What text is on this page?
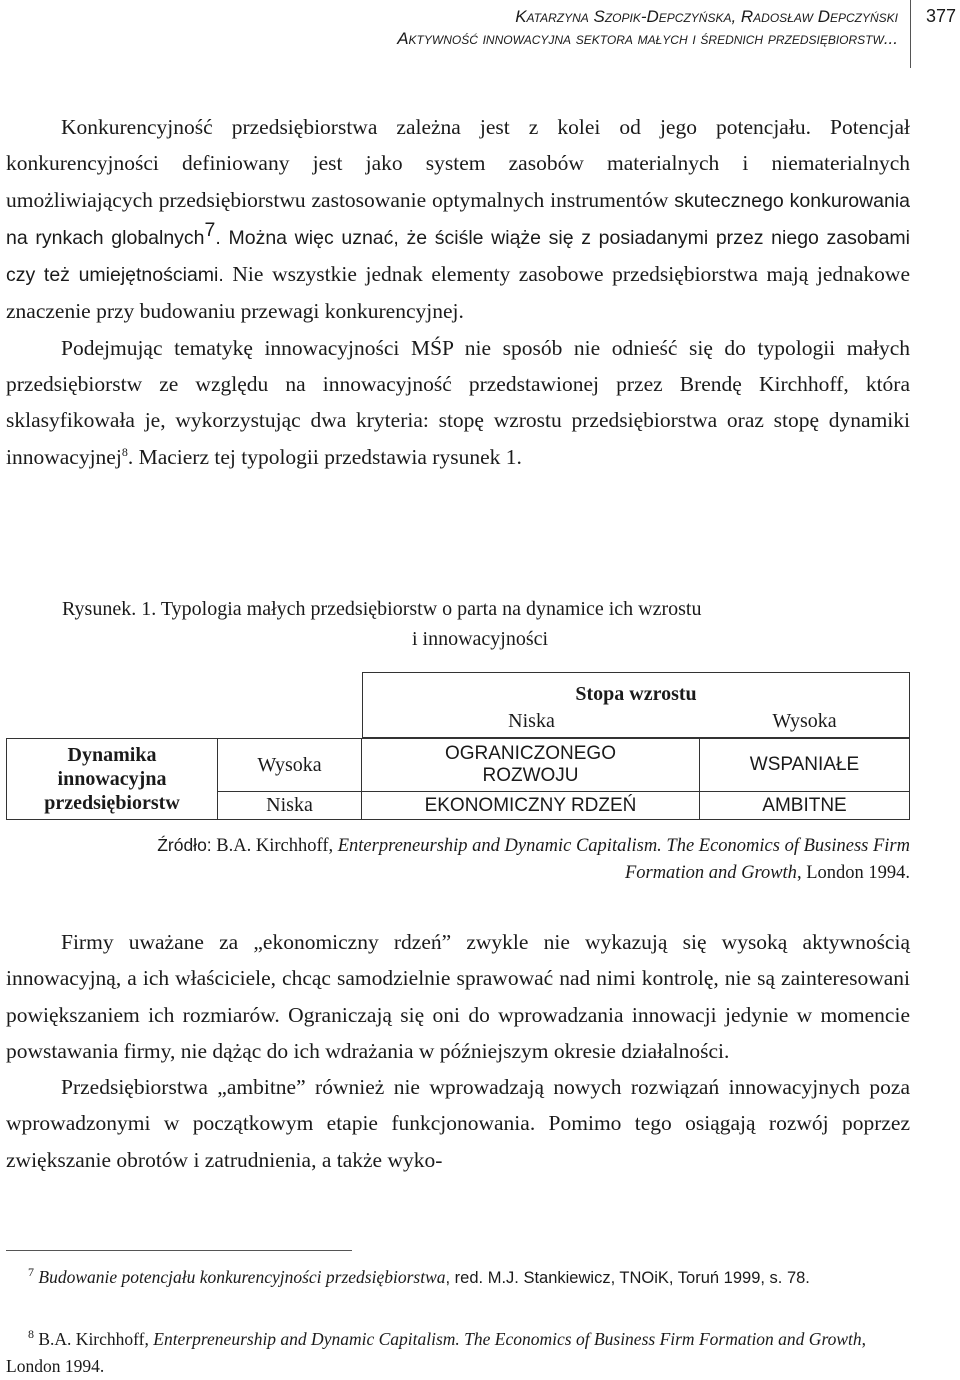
Katarzyna Szopik-Depczyńska, Radosław Depczyński
Aktywność innowacyjna sektora małych i średnich przedsiębiorstw...
377

Konkurencyjność przedsiębiorstwa zależna jest z kolei od jego potencjału. Potencjał konkurencyjności definiowany jest jako system zasobów materialnych i niematerialnych umożliwiających przedsiębiorstwu zastosowanie optymalnych instrumentów skutecznego konkurowania na rynkach globalnych$^7$. Można więc uznać, że ściśle wiąże się z posiadanymi przez niego zasobami czy też umiejętnościami. Nie wszystkie jednak elementy zasobowe przedsiębiorstwa mają jednakowe znaczenie przy budowaniu przewagi konkurencyjnej.

Podejmując tematykę innowacyjności MŚP nie sposób nie odnieść się do typologii małych przedsiębiorstw ze względu na innowacyjność przedstawionej przez Brendę Kirchhoff, która sklasyfikowała je, wykorzystując dwa kryteria: stopę wzrostu przedsiębiorstwa oraz stopę dynamiki innowacyjnej$^8$. Macierz tej typologii przedstawia rysunek 1.

Rysunek. 1. Typologia małych przedsiębiorstw o parta na dynamice ich wzrostu
i innowacyjności
Stopa wzrostu
Niska	Wysoka
Dynamika innowacyjna przedsiębiorstw
Wysoka
Niska
OGRANICZONEGO ROZWOJU
WSPANIAŁE
EKONOMICZNY RDZEŃ	AMBITNE
Źródło: B.A. Kirchhoff, Enterpreneurship and Dynamic Capitalism. The Economics of Business Firm Formation and Growth, London 1994.

Firmy uważane za „ekonomiczny rdzeń” zwykle nie wykazują się wysoką aktywnością innowacyjną, a ich właściciele, chcąc samodzielnie sprawować nad nimi kontrolę, nie są zainteresowani powiększaniem ich rozmiarów. Ograniczają się oni do wprowadzania innowacji jedynie w momencie powstawania firmy, nie dążąc do ich wdrażania w późniejszym okresie działalności.

Przedsiębiorstwa „ambitne” również nie wprowadzają nowych rozwiązań innowacyjnych poza wprowadzonymi w początkowym etapie funkcjonowania. Pomimo tego osiągają rozwój poprzez zwiększanie obrotów i zatrudnienia, a także wyko-

$^7$ Budowanie potencjału konkurencyjności przedsiębiorstwa, red. M.J. Stankiewicz, TNOiK, Toruń 1999, s. 78.

$^8$ B.A. Kirchhoff, Enterpreneurship and Dynamic Capitalism. The Economics of Business Firm Formation and Growth, London 1994.
